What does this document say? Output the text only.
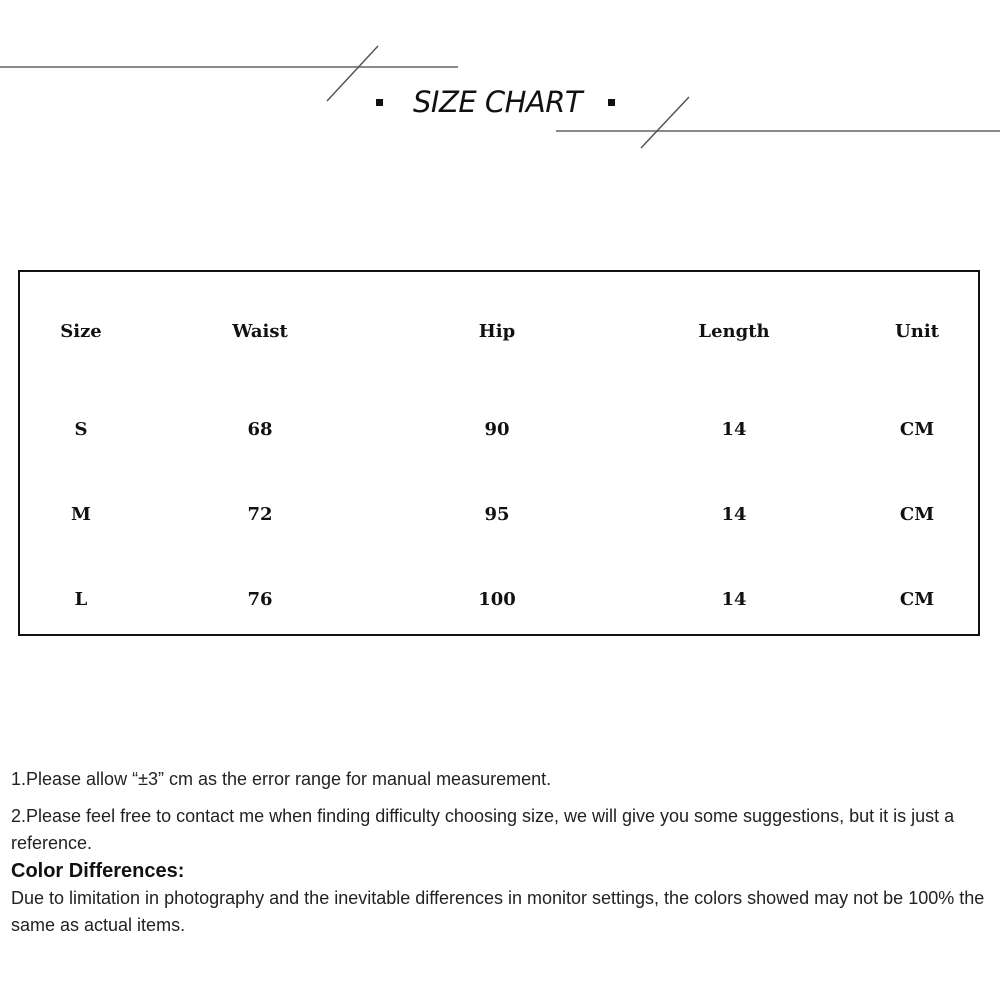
SIZE CHART
Size	Waist	Hip	Length	Unit
S	68	90	14	CM
M	72	95	14	CM
L	76	100	14	CM

1.Please allow “±3” cm as the error range for manual measurement.

2.Please feel free to contact me when finding difficulty choosing size, we will give you some suggestions, but it is just a reference.

Color Differences:

Due to limitation in photography and the inevitable differences in monitor settings, the colors showed may not be 100% the same as actual items.
